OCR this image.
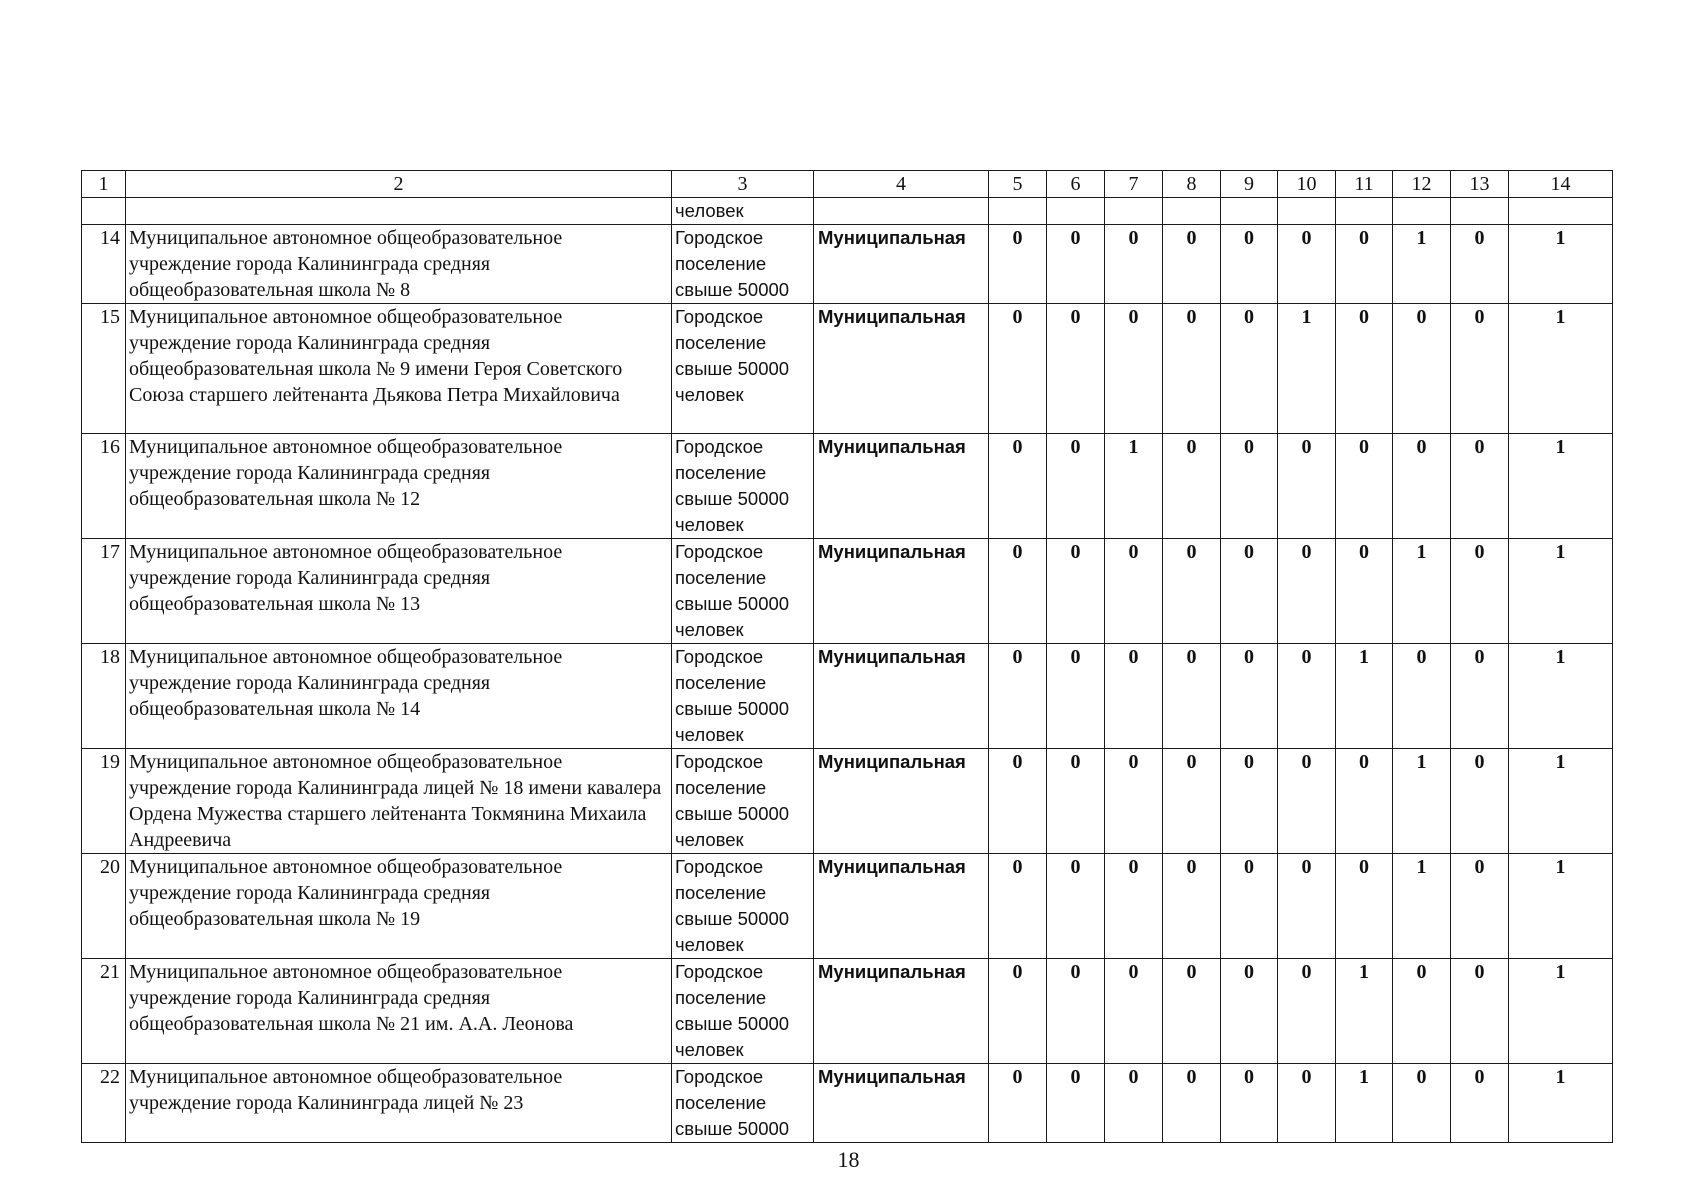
1	2	3	4	5	6	7	8	9	10	11	12	13	14
		человек											
14	Муниципальное автономное общеобразовательное учреждение города Калининграда средняя общеобразовательная школа № 8	Городское поселение свыше 50000	Муниципальная	0	0	0	0	0	0	0	1	0	1
15	Муниципальное автономное общеобразовательное учреждение города Калининграда средняя общеобразовательная школа № 9 имени Героя Советского Союза старшего лейтенанта Дьякова Петра Михайловича	Городское поселение свыше 50000 человек	Муниципальная	0	0	0	0	0	1	0	0	0	1
16	Муниципальное автономное общеобразовательное учреждение города Калининграда средняя общеобразовательная школа № 12	Городское поселение свыше 50000 человек	Муниципальная	0	0	1	0	0	0	0	0	0	1
17	Муниципальное автономное общеобразовательное учреждение города Калининграда средняя общеобразовательная школа № 13	Городское поселение свыше 50000 человек	Муниципальная	0	0	0	0	0	0	0	1	0	1
18	Муниципальное автономное общеобразовательное учреждение города Калининграда средняя общеобразовательная школа № 14	Городское поселение свыше 50000 человек	Муниципальная	0	0	0	0	0	0	1	0	0	1
19	Муниципальное автономное общеобразовательное учреждение города Калининграда лицей № 18 имени кавалера Ордена Мужества старшего лейтенанта Токмянина Михаила Андреевича	Городское поселение свыше 50000 человек	Муниципальная	0	0	0	0	0	0	0	1	0	1
20	Муниципальное автономное общеобразовательное учреждение города Калининграда средняя общеобразовательная школа № 19	Городское поселение свыше 50000 человек	Муниципальная	0	0	0	0	0	0	0	1	0	1
21	Муниципальное автономное общеобразовательное учреждение города Калининграда средняя общеобразовательная школа № 21 им. А.А. Леонова	Городское поселение свыше 50000 человек	Муниципальная	0	0	0	0	0	0	1	0	0	1
22	Муниципальное автономное общеобразовательное учреждение города Калининграда лицей № 23	Городское поселение свыше 50000	Муниципальная	0	0	0	0	0	0	1	0	0	1
18
